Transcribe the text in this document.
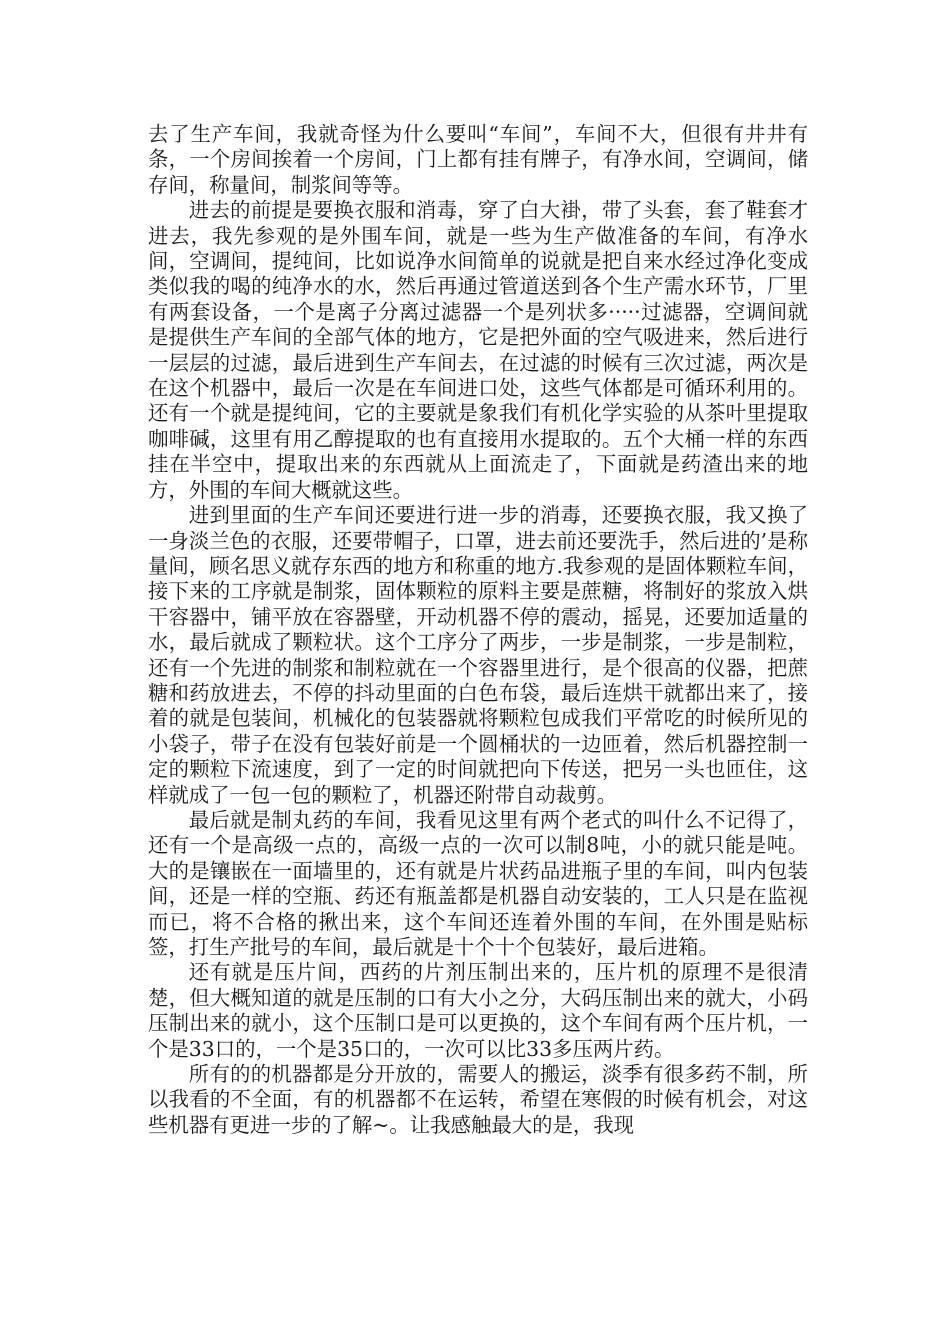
去了生产车间，我就奇怪为什么要叫“车间”，车间不大，但很有井井有条，一个房间挨着一个房间，门上都有挂有牌子，有净水间，空调间，储存间，称量间，制浆间等等。

进去的前提是要换衣服和消毒，穿了白大褂，带了头套，套了鞋套才进去，我先参观的是外围车间，就是一些为生产做准备的车间，有净水间，空调间，提纯间，比如说净水间简单的说就是把自来水经过净化变成类似我的喝的纯净水的水，然后再通过管道送到各个生产需水环节，厂里有两套设备，一个是离子分离过滤器一个是列状多·····过滤器，空调间就是提供生产车间的全部气体的地方，它是把外面的空气吸进来，然后进行一层层的过滤，最后进到生产车间去，在过滤的时候有三次过滤，两次是在这个机器中，最后一次是在车间进口处，这些气体都是可循环利用的。还有一个就是提纯间，它的主要就是象我们有机化学实验的从茶叶里提取咖啡碱，这里有用乙醇提取的也有直接用水提取的。五个大桶一样的东西挂在半空中，提取出来的东西就从上面流走了，下面就是药渣出来的地方，外围的车间大概就这些。

进到里面的生产车间还要进行进一步的消毒，还要换衣服，我又换了一身淡兰色的衣服，还要带帽子，口罩，进去前还要洗手，然后进的’是称量间，顾名思义就存东西的地方和称重的地方.我参观的是固体颗粒车间，接下来的工序就是制浆，固体颗粒的原料主要是蔗糖，将制好的浆放入烘干容器中，铺平放在容器壁，开动机器不停的震动，摇晃，还要加适量的水，最后就成了颗粒状。这个工序分了两步，一步是制浆，一步是制粒，还有一个先进的制浆和制粒就在一个容器里进行，是个很高的仪器，把蔗糖和药放进去，不停的抖动里面的白色布袋，最后连烘干就都出来了，接着的就是包装间，机械化的包装器就将颗粒包成我们平常吃的时候所见的小袋子，带子在没有包装好前是一个圆桶状的一边匝着，然后机器控制一定的颗粒下流速度，到了一定的时间就把向下传送，把另一头也匝住，这样就成了一包一包的颗粒了，机器还附带自动裁剪。

最后就是制丸药的车间，我看见这里有两个老式的叫什么不记得了，还有一个是高级一点的，高级一点的一次可以制8吨，小的就只能是吨。大的是镶嵌在一面墙里的，还有就是片状药品进瓶子里的车间，叫内包装间，还是一样的空瓶、药还有瓶盖都是机器自动安装的，工人只是在监视而已，将不合格的揪出来，这个车间还连着外围的车间，在外围是贴标签，打生产批号的车间，最后就是十个十个包装好，最后进箱。

还有就是压片间，西药的片剂压制出来的，压片机的原理不是很清楚，但大概知道的就是压制的口有大小之分，大码压制出来的就大，小码压制出来的就小，这个压制口是可以更换的，这个车间有两个压片机，一个是33口的，一个是35口的，一次可以比33多压两片药。

所有的的机器都是分开放的，需要人的搬运，淡季有很多药不制，所以我看的不全面，有的机器都不在运转，希望在寒假的时候有机会，对这些机器有更进一步的了解~。让我感触最大的是，我现
